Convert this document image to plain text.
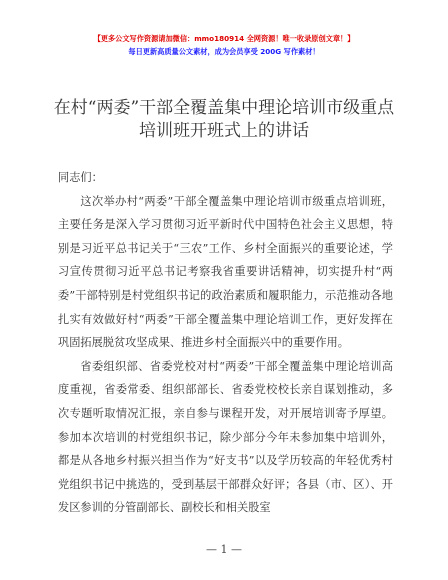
【更多公文写作资源请加微信：mmo180914 全网资源！唯一收录原创文章！】
每日更新高质量公文素材，成为会员享受 200G 写作素材！
在村“两委”干部全覆盖集中理论培训市级重点
培训班开班式上的讲话

同志们：

这次举办村“两委”干部全覆盖集中理论培训市级重点培训班，主要任务是深入学习贯彻习近平新时代中国特色社会主义思想，特别是习近平总书记关于“三农”工作、乡村全面振兴的重要论述，学习宣传贯彻习近平总书记考察我省重要讲话精神，切实提升村“两委”干部特别是村党组织书记的政治素质和履职能力，示范推动各地扎实有效做好村“两委”干部全覆盖集中理论培训工作，更好发挥在巩固拓展脱贫攻坚成果、推进乡村全面振兴中的重要作用。

省委组织部、省委党校对村“两委”干部全覆盖集中理论培训高度重视，省委常委、组织部部长、省委党校校长亲自谋划推动，多次专题听取情况汇报，亲自参与课程开发，对开展培训寄予厚望。参加本次培训的村党组织书记，除少部分今年未参加集中培训外，都是从各地乡村振兴担当作为“好支书”以及学历较高的年轻优秀村党组织书记中挑选的，受到基层干部群众好评；各县（市、区）、开发区参训的分管副部长、副校长和相关股室

— 1 —
